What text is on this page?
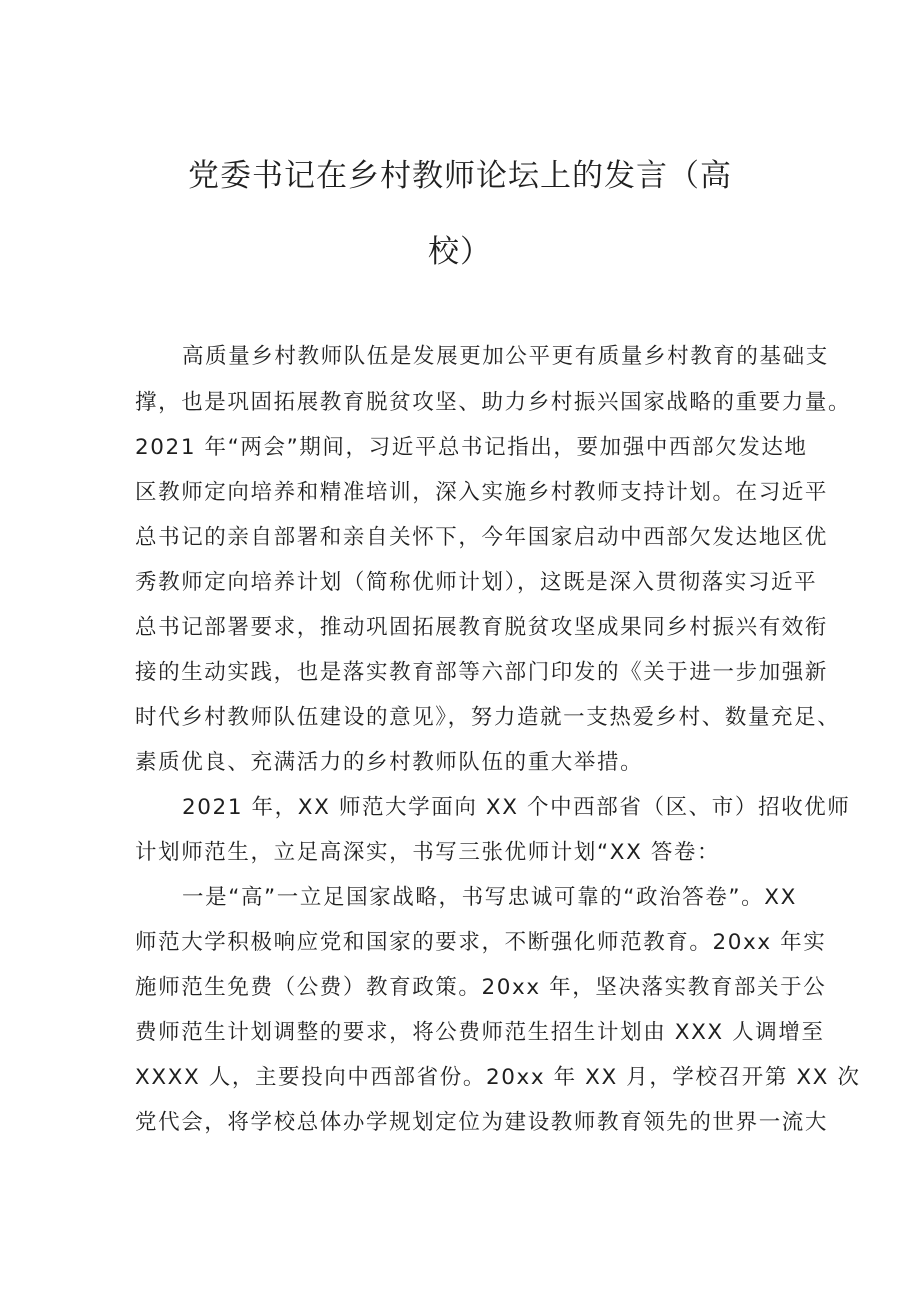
党委书记在乡村教师论坛上的发言（高
校）
高质量乡村教师队伍是发展更加公平更有质量乡村教育的基础支
撑，也是巩固拓展教育脱贫攻坚、助力乡村振兴国家战略的重要力量。
2021 年“两会”期间，习近平总书记指出，要加强中西部欠发达地
区教师定向培养和精准培训，深入实施乡村教师支持计划。在习近平
总书记的亲自部署和亲自关怀下，今年国家启动中西部欠发达地区优
秀教师定向培养计划（简称优师计划），这既是深入贯彻落实习近平
总书记部署要求，推动巩固拓展教育脱贫攻坚成果同乡村振兴有效衔
接的生动实践，也是落实教育部等六部门印发的《关于进一步加强新
时代乡村教师队伍建设的意见》，努力造就一支热爱乡村、数量充足、
素质优良、充满活力的乡村教师队伍的重大举措。
2021 年，XX 师范大学面向 XX 个中西部省（区、市）招收优师
计划师范生，立足高深实，书写三张优师计划“XX 答卷：
一是“高”一立足国家战略，书写忠诚可靠的“政治答卷”。XX
师范大学积极响应党和国家的要求，不断强化师范教育。20xx 年实
施师范生免费（公费）教育政策。20xx 年，坚决落实教育部关于公
费师范生计划调整的要求，将公费师范生招生计划由 XXX 人调增至
XXXX 人，主要投向中西部省份。20xx 年 XX 月，学校召开第 XX 次
党代会，将学校总体办学规划定位为建设教师教育领先的世界一流大
